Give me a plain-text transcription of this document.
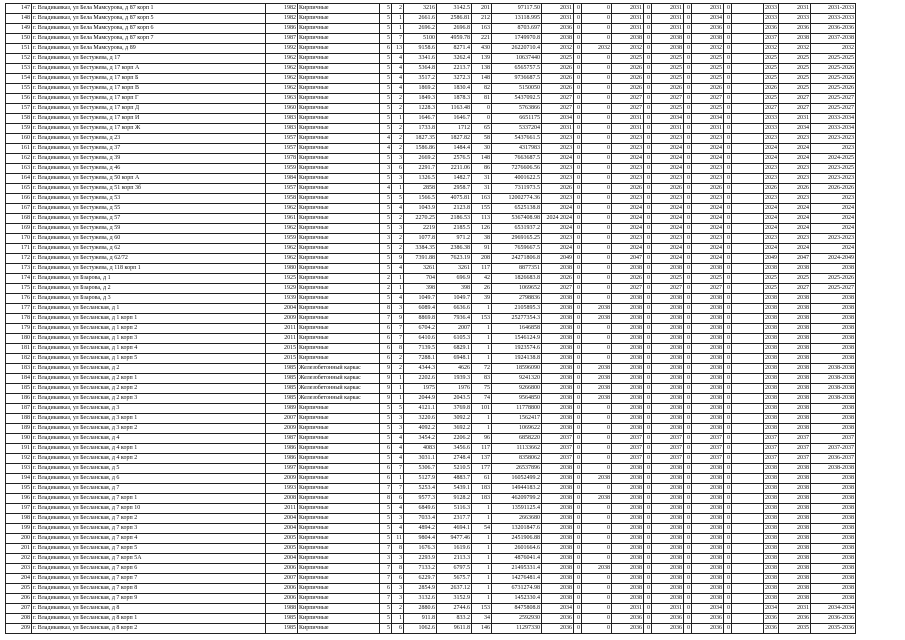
147	г. Владикавказ, ул Бела Мамсурова, д 87 корп 1	1982	Кирпичные	5	2	3216	3142.5	201	97117.50	2031	0	0	2031	0	2031	0	2031	0		2033	2031	2031-2033
148	г. Владикавказ, ул Бела Мамсурова, д 87 корп 5	1982	Кирпичные	5	1	2661.6	2586.81	212	13118.995	2031	0	0	2031	0	2031	0	2034	0		2033	2033	2033-2033
149	г. Владикавказ, ул Бела Мамсурова, д 87 корп 6	1986	Кирпичные	5	1	2696.2	2696.8	163	8703.697	2036	0	0	2031	0	2031	0	2036	0		2036	2036	2036-2036
150	г. Владикавказ, ул Бела Мамсурова, д 87 корп 7	1987	Кирпичные	5	7	5100	4959.78	221	1749970.8	2038	0	0	2038	0	2038	0	2038	0		2037	2038	2037-2038
151	г. Владикавказ, ул Бела Мамсурова, д 89	1992	Кирпичные	6	13	9158.6	8271.4	430	26220710.4	2032	0	2032	2032	0	2038	0	2032	0		2032	2032	2032
152	г. Владикавказ, ул Бестужева, д 17	1962	Кирпичные	5	4	3341.6	3262.4	139	10637440	2025	0	0	2025	0	2025	0	2025	0		2025	2025	2025-2025
153	г. Владикавказ, ул Бестужева, д 17 корп А	1962	Кирпичные	5	4	5364.8	2213.7	138	6565757.5	2026	0	0	2026	0	2025	0	2025	0		2025	2025	2025-2026
154	г. Владикавказ, ул Бестужева, д 17 корп Б	1962	Кирпичные	5	4	3517.2	3272.3	148	9736687.5	2026	0	0	2026	0	2025	0	2025	0		2025	2025	2025-2026
155	г. Владикавказ, ул Бестужева, д 17 корп В	1962	Кирпичные	5	4	1869.2	1830.4	82	5150050	2026	0	0	2026	0	2026	0	2026	0		2026	2025	2025-2026
156	г. Владикавказ, ул Бестужева, д 17 корп Г	1963	Кирпичные	5	2	1849.3	1878.3	81	5437092.5	2027	0	0	2027	0	2027	0	2027	0		2025	2027	2025-2027
157	г. Владикавказ, ул Бестужева, д 17 корп Д	1960	Кирпичные	5	2	1228.3	1163.48	0	5763866	2027	0	0	2027	0	2025	0	2025	0		2027	2027	2025-2027
158	г. Владикавказ, ул Бестужева, д 17 корп И	1983	Кирпичные	5	1	1646.7	1646.7	0	6651175	2034	0	0	2031	0	2034	0	2034	0		2033	2031	2033-2034
159	г. Владикавказ, ул Бестужева, д 17 корп Ж	1983	Кирпичные	5	2	1733.8	1712	65	5337204	2031	0	0	2031	0	2031	0	2031	0		2033	2034	2033-2034
160	г. Владикавказ, ул Бестужева, д 23	1957	Кирпичные	4	2	1827.35	1827.82	58	5437661.5	2023	0	0	2023	0	2023	0	2023	0		2023	2023	2023-2023
161	г. Владикавказ, ул Бестужева, д 37	1957	Кирпичные	4	2	1586.86	1484.4	30	4317983	2023	0	0	2023	0	2024	0	2024	0		2024	2024	2023
162	г. Владикавказ, ул Бестужева, д 39	1978	Кирпичные	5	3	2669.2	2576.5	148	7663687.5	2024	0	0	2024	0	2024	0	2024	0		2024	2024	2024-2025
163	г. Владикавказ, ул Бестужева, д 46	1959	Кирпичные	3	6	2291.7	2211.06	86	7276606.56	2023	0	0	2023	0	2024	0	2023	0		2023	2023	2023-2025
164	г. Владикавказ, ул Бестужева, д 50 корп А	1984	Кирпичные	5	3	1326.5	1482.7	31	4001622.5	2023	0	0	2023	0	2023	0	2023	0		2023	2023	2023-2023
165	г. Владикавказ, ул Бестужева, д 51 корп 3б	1957	Кирпичные	4	1	2858	2958.7	31	7311973.5	2026	0	0	2026	0	2026	0	2026	0		2026	2026	2026-2026
166	г. Владикавказ, ул Бестужева, д 53	1958	Кирпичные	5	5	1566.5	4075.81	163	12002774.36	2023	0	0	2023	0	2023	0	2023	0		2023	2023	2023
167	г. Владикавказ, ул Бестужева, д 55	1962	Кирпичные	5	4	1043.9	2123.8	155	6525138.8	2024	0	0	2024	0	2024	0	2024	0		2024	2024	2024
168	г. Владикавказ, ул Бестужева, д 57	1961	Кирпичные	5	2	2270.25	2186.53	113	5367408.98	2024 2024	0	0	2024	0	2024	0	2024	0		2024	2024	2024
169	г. Владикавказ, ул Бестужева, д 59	1962	Кирпичные	5	3	2219	2185.5	126	6531937.2	2024	0	0	2024	0	2024	0	2024	0		2024	2024	2024
170	г. Владикавказ, ул Бестужева, д 60	1959	Кирпичные	3	2	1077.8	971.2	38	2969165.25	2023	0	0	2023	0	2023	0	2023	0		2023	2023	2023-2023
171	г. Владикавказ, ул Бестужева, д 62	1962	Кирпичные	5	2	3384.35	2386.38	91	7659667.5	2024	0	0	2024	0	2024	0	2024	0		2024	2024	2024
172	г. Владикавказ, ул Бестужева, д 62/72	1962	Кирпичные	5	9	7391.88	7623.19	208	24271806.8	2049	0	0	2047	0	2024	0	2024	0		2049	2047	2024-2049
173	г. Владикавказ, ул Бестужева, д 118 корп 1	1980	Кирпичные	5	4	3261	3261	117	8877351	2038	0	0	2038	0	2038	0	2038	0		2038	2038	2038
174	г. Владикавказ, ул Бзарова, д 1	1925	Кирпичные	2	1	704	696.9	42	1826683.8	2026	0	0	2026	0	2025	0	2025	0		2025	2025	2025-2026
175	г. Владикавказ, ул Бзарова, д 2	1929	Кирпичные	2	1	398	398	26	1069652	2027	0	0	2027	0	2027	0	2027	0		2025	2027	2025-2027
176	г. Владикавказ, ул Бзарова, д 3	1939	Кирпичные	5	4	1049.7	1049.7	39	2798836	2038	0	0	2038	0	2038	0	2038	0		2038	2038	2038
177	г. Владикавказ, ул Бесланская, д 1	2004	Кирпичные	8	3	6089.4	6636.6	1	2105895.3	2038	0	2038	2038	0	2038	0	2038	0		2038	2038	2038
178	г. Владикавказ, ул Бесланская, д 1 корп 1	2009	Кирпичные	7	9	8869.8	7936.4	153	25277354.3	2038	0	2038	2038	0	2038	0	2038	0		2038	2038	2038
179	г. Владикавказ, ул Бесланская, д 1 корп 2	2011	Кирпичные	6	7	6704.2	2007	1	1646858	2038	0	0	2038	0	2038	0	2038	0		2038	2038	2038
180	г. Владикавказ, ул Бесланская, д 1 корп 3	2011	Кирпичные	6	7	6410.6	6105.3	1	1546124.9	2038	0	0	2038	0	2038	0	2038	0		2038	2038	2038
181	г. Владикавказ, ул Бесланская, д 1 корп 4	2015	Кирпичные	6	8	7139.5	6829.1	1	1923574.6	2038	0	0	2038	0	2038	0	2038	0		2038	2038	2038
182	г. Владикавказ, ул Бесланская, д 1 корп 5	2015	Кирпичные	6	2	7288.1	6948.1	1	1924138.8	2038	0	0	2038	0	2038	0	2038	0		2038	2038	2038
183	г. Владикавказ, ул Бесланская, д 2	1985	Железобетонный каркас	9	2	4344.3	4626	72	18596090	2038	0	2038	2038	0	2038	0	2038	0		2038	2038	2038-2038
184	г. Владикавказ, ул Бесланская, д 2 корп 1	1985	Железобетонный каркас	9	1	2202.6	1939.3	83	9241320	2038	0	2038	2038	0	2038	0	2038	0		2038	2038	2038-2038
185	г. Владикавказ, ул Бесланская, д 2 корп 2	1985	Железобетонный каркас	9	1	1975	1976	75	9266800	2038	0	2038	2038	0	2038	0	2038	0		2038	2038	2038-2038
186	г. Владикавказ, ул Бесланская, д 2 корп 3	1985	Железобетонный каркас	9	1	2044.9	2043.5	74	9564850	2038	0	2038	2038	0	2038	0	2038	0		2038	2038	2038-2038
187	г. Владикавказ, ул Бесланская, д 3	1989	Кирпичные	5	5	4121.1	3769.8	101	11778800	2038	0	0	2038	0	2038	0	2038	0		2038	2038	2038
188	г. Владикавказ, ул Бесланская, д 3 корп 1	2007	Кирпичные	5	3	3220.6	3092.2	1	1562417	2038	0	0	2038	0	2038	0	2038	0		2038	2038	2038
189	г. Владикавказ, ул Бесланская, д 3 корп 2	2009	Кирпичные	5	3	4092.2	3692.2	1	1069622	2038	0	0	2038	0	2038	0	2038	0		2038	2038	2038
190	г. Владикавказ, ул Бесланская, д 4	1987	Кирпичные	5	4	3454.2	2206.2	96	6858220	2037	0	0	2037	0	2037	0	2037	0		2037	2037	2037
191	г. Владикавказ, ул Бесланская, д 4 корп 1	1986	Кирпичные	6	4	4083	3456.6	117	11133662	2037	0	0	2037	0	2037	0	2037	0		2037	2037	2037-2037
192	г. Владикавказ, ул Бесланская, д 4 корп 2	1986	Кирпичные	5	4	3031.1	2748.4	137	8358062	2037	0	0	2037	0	2037	0	2037	0		2037	2037	2036-2037
193	г. Владикавказ, ул Бесланская, д 5	1997	Кирпичные	6	7	5306.7	5210.5	177	26537896	2038	0	0	2038	0	2038	0	2038	0		2038	2038	2038-2038
194	г. Владикавказ, ул Бесланская, д 6	2009	Кирпичные	6	1	5127.9	4883.7	61	16052499.2	2038	0	2038	2038	0	2038	0	2038	0		2038	2038	2038
195	г. Владикавказ, ул Бесланская, д 7	1993	Кирпичные	7	7	5253.4	5439.1	183	14944183.2	2038	0	0	2038	0	2038	0	2038	0		2038	2038	2038
196	г. Владикавказ, ул Бесланская, д 7 корп 1	2008	Кирпичные	8	6	9577.3	9128.2	183	46209799.2	2038	0	2038	2038	0	2038	0	2038	0		2038	2038	2038
197	г. Владикавказ, ул Бесланская, д 7 корп 10	2011	Кирпичные	5	4	6849.6	5116.3	1	13591125.4	2038	0	0	2038	0	2038	0	2038	0		2038	2038	2038
198	г. Владикавказ, ул Бесланская, д 7 корп 2	2004	Кирпичные	5	3	7033.4	2317.7	1	2663680	2038	0	0	2038	0	2038	0	2038	0		2038	2038	2038
199	г. Владикавказ, ул Бесланская, д 7 корп 3	2004	Кирпичные	5	4	4894.2	4694.1	54	13201847.6	2038	0	0	2038	0	2038	0	2038	0		2038	2038	2038
200	г. Владикавказ, ул Бесланская, д 7 корп 4	2005	Кирпичные	5	11	9804.4	9477.46	1	2451906.88	2038	0	0	2038	0	2038	0	2038	0		2038	2038	2038
201	г. Владикавказ, ул Бесланская, д 7 корп 5	2005	Кирпичные	7	8	1676.3	1619.6	1	2601664.6	2038	0	0	2038	0	2038	0	2038	0		2038	2038	2038
202	г. Владикавказ, ул Бесланская, д 7 корп 5А	2004	Кирпичные	3	3	2293.9	2113.3	1	4876041.4	2038	0	0	2038	0	2038	0	2038	0		2038	2038	2038
203	г. Владикавказ, ул Бесланская, д 7 корп 6	2006	Кирпичные	7	8	7133.2	6797.5	1	21495331.4	2038	0	2038	2038	0	2038	0	2038	0		2038	2038	2038
204	г. Владикавказ, ул Бесланская, д 7 корп 7	2007	Кирпичные	7	6	6229.7	5675.7	1	14276481.4	2038	0	0	2038	0	2038	0	2038	0		2038	2038	2038
205	г. Владикавказ, ул Бесланская, д 7 корп 8	2006	Кирпичные	6	3	2854.9	2637.12	1	6731274.98	2038	0	0	2038	0	2038	0	2038	0		2038	2038	2038
206	г. Владикавказ, ул Бесланская, д 7 корп 9	2006	Кирпичные	7	3	3132.6	3152.9	1	1452330.4	2038	0	0	2038	0	2038	0	2038	0		2038	2038	2038
207	г. Владикавказ, ул Бесланская, д 8	1988	Кирпичные	5	2	2880.6	2744.6	153	8475808.8	2034	0	0	2031	0	2031	0	2034	0		2034	2031	2034-2034
208	г. Владикавказ, ул Бесланская, д 8 корп 1	1985	Кирпичные	5	1	911.8	833.2	34	2592930	2036	0	0	2036	0	2036	0	2036	0		2036	2036	2036-2036
209	г. Владикавказ, ул Бесланская, д 8 корп 2	1985	Кирпичные	5	6	1062.6	9611.8	146	11297330	2036	0	0	2036	0	2036	0	2036	0		2036	2035	2035-2036
